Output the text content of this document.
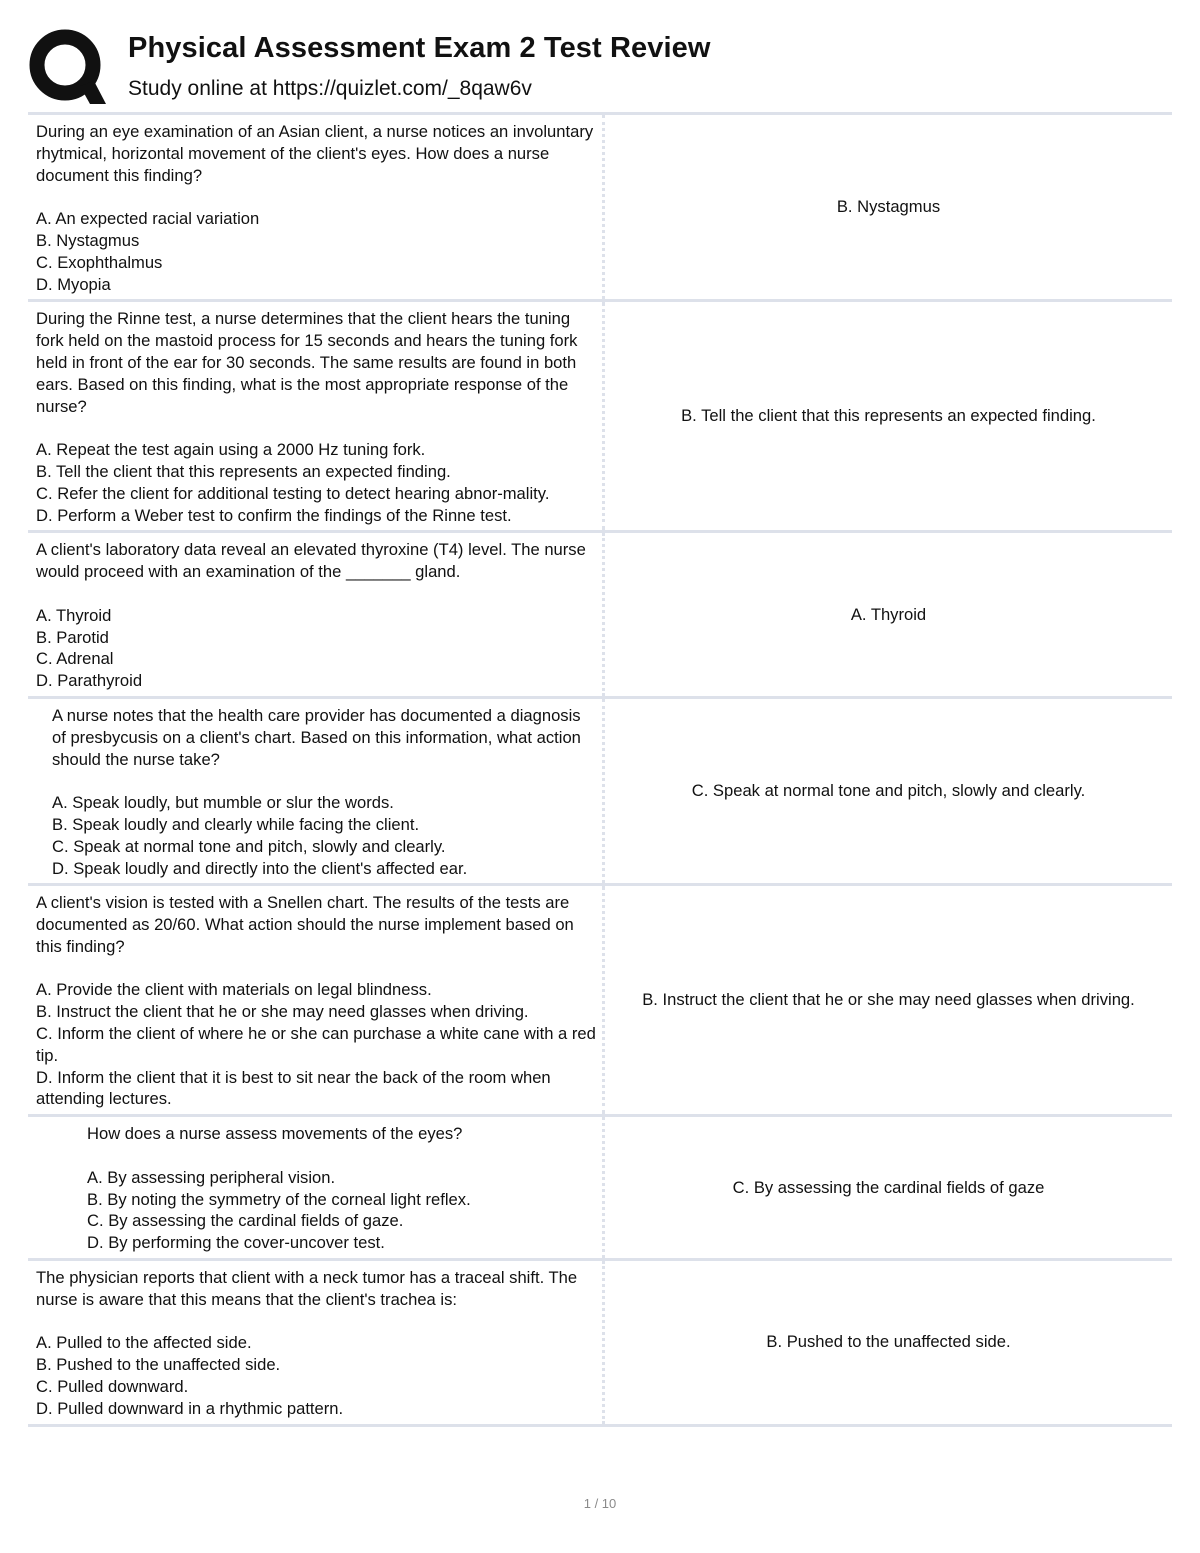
Physical Assessment Exam 2 Test Review
Study online at https://quizlet.com/_8qaw6v
During an eye examination of an Asian client, a nurse notices an involuntary rhytmical, horizontal movement of the client's eyes. How does a nurse document this finding?

A. An expected racial variation
B. Nystagmus
C. Exophthalmus
D. Myopia
B. Nystagmus
During the Rinne test, a nurse determines that the client hears the tuning fork held on the mastoid process for 15 seconds and hears the tuning fork held in front of the ear for 30 seconds. The same results are found in both ears. Based on this finding, what is the most appropriate response of the nurse?

A. Repeat the test again using a 2000 Hz tuning fork.
B. Tell the client that this represents an expected finding.
C. Refer the client for additional testing to detect hearing abnor-mality.
D. Perform a Weber test to confirm the findings of the Rinne test.
B. Tell the client that this represents an expected finding.
A client's laboratory data reveal an elevated thyroxine (T4) level. The nurse would proceed with an examination of the _______ gland.

A. Thyroid
B. Parotid
C. Adrenal
D. Parathyroid
A. Thyroid
A nurse notes that the health care provider has documented a diagnosis of presbycusis on a client's chart. Based on this information, what action should the nurse take?

A. Speak loudly, but mumble or slur the words.
B. Speak loudly and clearly while facing the client.
C. Speak at normal tone and pitch, slowly and clearly.
D. Speak loudly and directly into the client's affected ear.
C. Speak at normal tone and pitch, slowly and clearly.
A client's vision is tested with a Snellen chart. The results of the tests are documented as 20/60. What action should the nurse implement based on this finding?

A. Provide the client with materials on legal blindness.
B. Instruct the client that he or she may need glasses when driving.
C. Inform the client of where he or she can purchase a white cane with a red tip.
D. Inform the client that it is best to sit near the back of the room when attending lectures.
B. Instruct the client that he or she may need glasses when driving.
How does a nurse assess movements of the eyes?

A. By assessing peripheral vision.
B. By noting the symmetry of the corneal light reflex.
C. By assessing the cardinal fields of gaze.
D. By performing the cover-uncover test.
C. By assessing the cardinal fields of gaze
The physician reports that client with a neck tumor has a traceal shift. The nurse is aware that this means that the client's trachea is:

A. Pulled to the affected side.
B. Pushed to the unaffected side.
C. Pulled downward.
D. Pulled downward in a rhythmic pattern.
B. Pushed to the unaffected side.
1 / 10
